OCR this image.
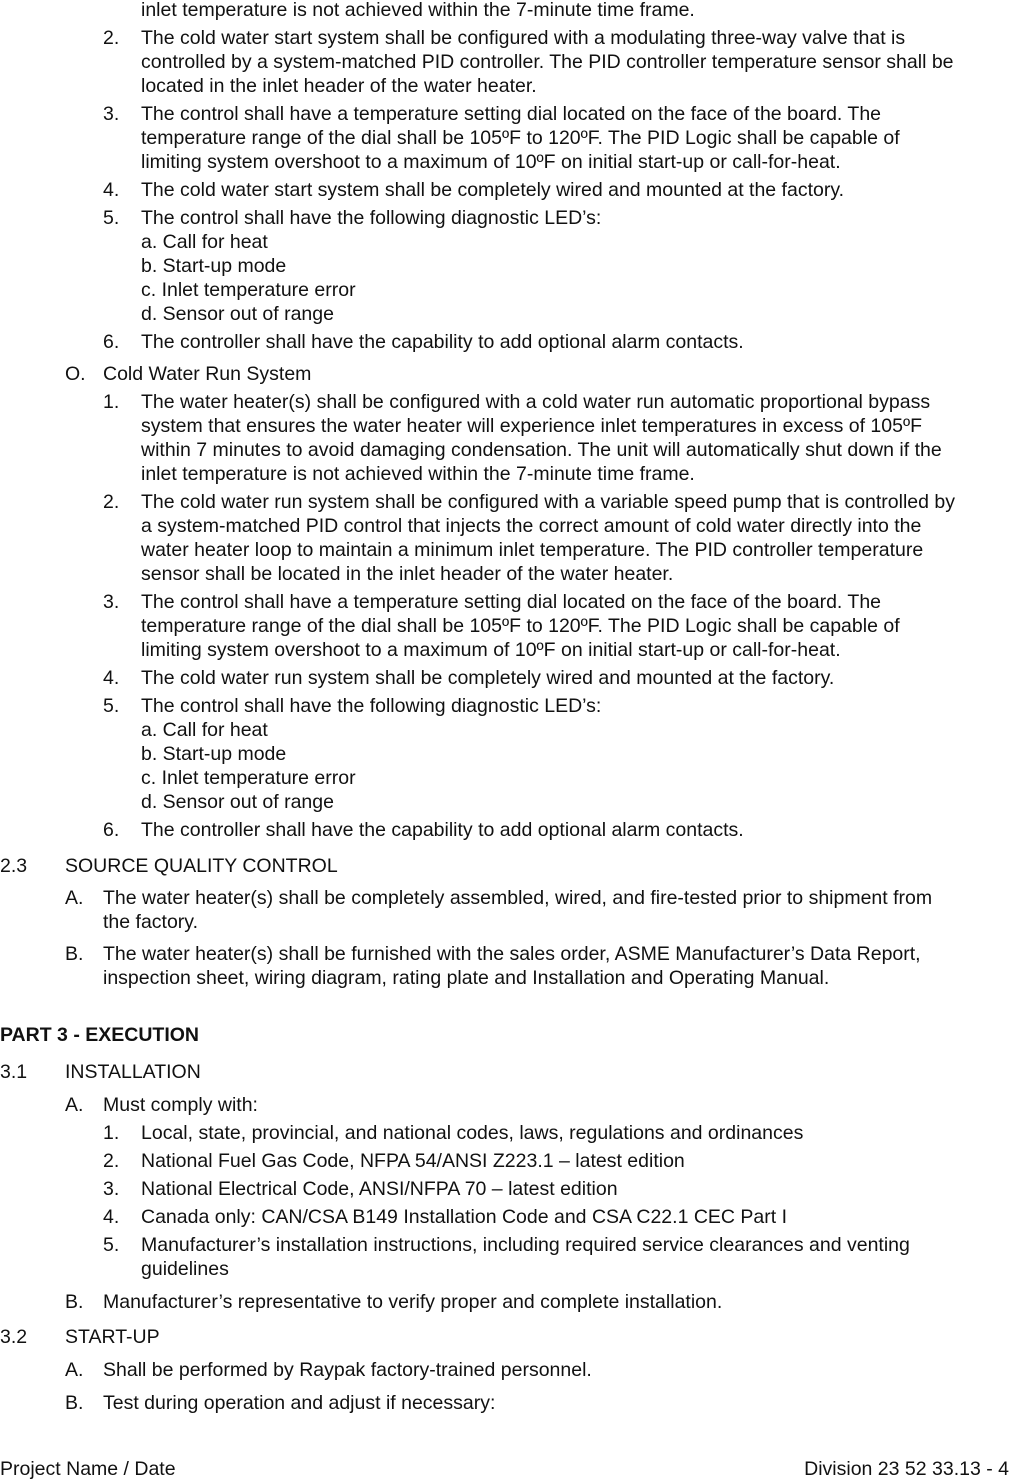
inlet temperature is not achieved within the 7-minute time frame.
2. The cold water start system shall be configured with a modulating three-way valve that is
controlled by a system-matched PID controller. The PID controller temperature sensor shall be
located in the inlet header of the water heater.
3. The control shall have a temperature setting dial located on the face of the board. The
temperature range of the dial shall be 105ºF to 120ºF. The PID Logic shall be capable of
limiting system overshoot to a maximum of 10ºF on initial start-up or call-for-heat.
4. The cold water start system shall be completely wired and mounted at the factory.
5. The control shall have the following diagnostic LED’s:
a. Call for heat
b. Start-up mode
c. Inlet temperature error
d. Sensor out of range
6. The controller shall have the capability to add optional alarm contacts.
O. Cold Water Run System
1. The water heater(s) shall be configured with a cold water run automatic proportional bypass
system that ensures the water heater will experience inlet temperatures in excess of 105ºF
within 7 minutes to avoid damaging condensation. The unit will automatically shut down if the
inlet temperature is not achieved within the 7-minute time frame.
2. The cold water run system shall be configured with a variable speed pump that is controlled by
a system-matched PID control that injects the correct amount of cold water directly into the
water heater loop to maintain a minimum inlet temperature. The PID controller temperature
sensor shall be located in the inlet header of the water heater.
3. The control shall have a temperature setting dial located on the face of the board. The
temperature range of the dial shall be 105ºF to 120ºF. The PID Logic shall be capable of
limiting system overshoot to a maximum of 10ºF on initial start-up or call-for-heat.
4. The cold water run system shall be completely wired and mounted at the factory.
5. The control shall have the following diagnostic LED’s:
a. Call for heat
b. Start-up mode
c. Inlet temperature error
d. Sensor out of range
6. The controller shall have the capability to add optional alarm contacts.
2.3 SOURCE QUALITY CONTROL
A. The water heater(s) shall be completely assembled, wired, and fire-tested prior to shipment from
the factory.
B. The water heater(s) shall be furnished with the sales order, ASME Manufacturer’s Data Report,
inspection sheet, wiring diagram, rating plate and Installation and Operating Manual.
PART 3 - EXECUTION
3.1 INSTALLATION
A. Must comply with:
1. Local, state, provincial, and national codes, laws, regulations and ordinances
2. National Fuel Gas Code, NFPA 54/ANSI Z223.1 – latest edition
3. National Electrical Code, ANSI/NFPA 70 – latest edition
4. Canada only: CAN/CSA B149 Installation Code and CSA C22.1 CEC Part I
5. Manufacturer’s installation instructions, including required service clearances and venting
guidelines
B. Manufacturer’s representative to verify proper and complete installation.
3.2 START-UP
A. Shall be performed by Raypak factory-trained personnel.
B. Test during operation and adjust if necessary:
Project Name / Date	Division 23 52 33.13 - 4
